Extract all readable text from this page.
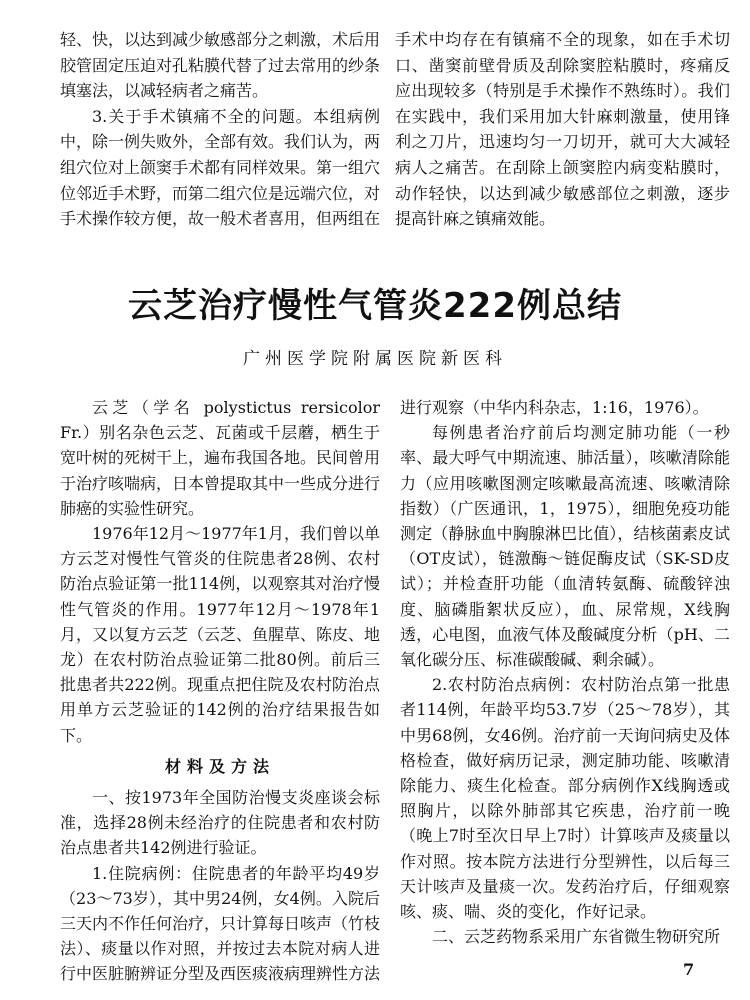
轻、快，以达到减少敏感部分之刺激，术后用胶管固定压迫对孔粘膜代替了过去常用的纱条填塞法，以减轻病者之痛苦。

3.关于手术镇痛不全的问题。本组病例中，除一例失败外，全部有效。我们认为，两组穴位对上颌窦手术都有同样效果。第一组穴位邻近手术野，而第二组穴位是远端穴位，对手术操作较方便，故一般术者喜用，但两组在

手术中均存在有镇痛不全的现象，如在手术切口、凿窦前壁骨质及刮除窦腔粘膜时，疼痛反应出现较多（特别是手术操作不熟练时）。我们在实践中，我们采用加大针麻刺激量，使用锋利之刀片，迅速均匀一刀切开，就可大大减轻病人之痛苦。在刮除上颌窦腔内病变粘膜时，动作轻快，以达到减少敏感部位之刺激，逐步提高针麻之镇痛效能。

云芝治疗慢性气管炎222例总结

广州医学院附属医院新医科

云芝（学名 polystictus rersicolor Fr.）别名杂色云芝、瓦菌或千层蘑，栖生于宽叶树的死树干上，遍布我国各地。民间曾用于治疗咳喘病，日本曾提取其中一些成分进行肺癌的实验性研究。

1976年12月～1977年1月，我们曾以单方云芝对慢性气管炎的住院患者28例、农村防治点验证第一批114例，以观察其对治疗慢性气管炎的作用。1977年12月～1978年1月，又以复方云芝（云芝、鱼腥草、陈皮、地龙）在农村防治点验证第二批80例。前后三批患者共222例。现重点把住院及农村防治点用单方云芝验证的142例的治疗结果报告如下。

材料及方法

一、按1973年全国防治慢支炎座谈会标准，选择28例未经治疗的住院患者和农村防治点患者共142例进行验证。

1.住院病例：住院患者的年龄平均49岁（23～73岁），其中男24例，女4例。入院后三天内不作任何治疗，只计算每日咳声（竹枝法）、痰量以作对照，并按过去本院对病人进行中医脏腑辨证分型及西医痰液病理辨性方法

进行观察（中华内科杂志，1:16，1976）。

每例患者治疗前后均测定肺功能（一秒率、最大呼气中期流速、肺活量），咳嗽清除能力（应用咳嗽图测定咳嗽最高流速、咳嗽清除指数）（广医通讯，1，1975），细胞免疫功能测定（静脉血中胸腺淋巴比值），结核菌素皮试（OT皮试），链激酶～链促酶皮试（SK-SD皮试）；并检查肝功能（血清转氨酶、硫酸锌浊度、脑磷脂絮状反应），血、尿常规，X线胸透，心电图，血液气体及酸碱度分析（pH、二氧化碳分压、标准碳酸碱、剩余碱）。

2.农村防治点病例：农村防治点第一批患者114例，年龄平均53.7岁（25～78岁），其中男68例，女46例。治疗前一天询问病史及体格检查，做好病历记录，测定肺功能、咳嗽清除能力、痰生化检查。部分病例作X线胸透或照胸片，以除外肺部其它疾患，治疗前一晚（晚上7时至次日早上7时）计算咳声及痰量以作对照。按本院方法进行分型辨性，以后每三天计咳声及量痰一次。发药治疗后，仔细观察咳、痰、喘、炎的变化，作好记录。

二、云芝药物系采用广东省微生物研究所

7
